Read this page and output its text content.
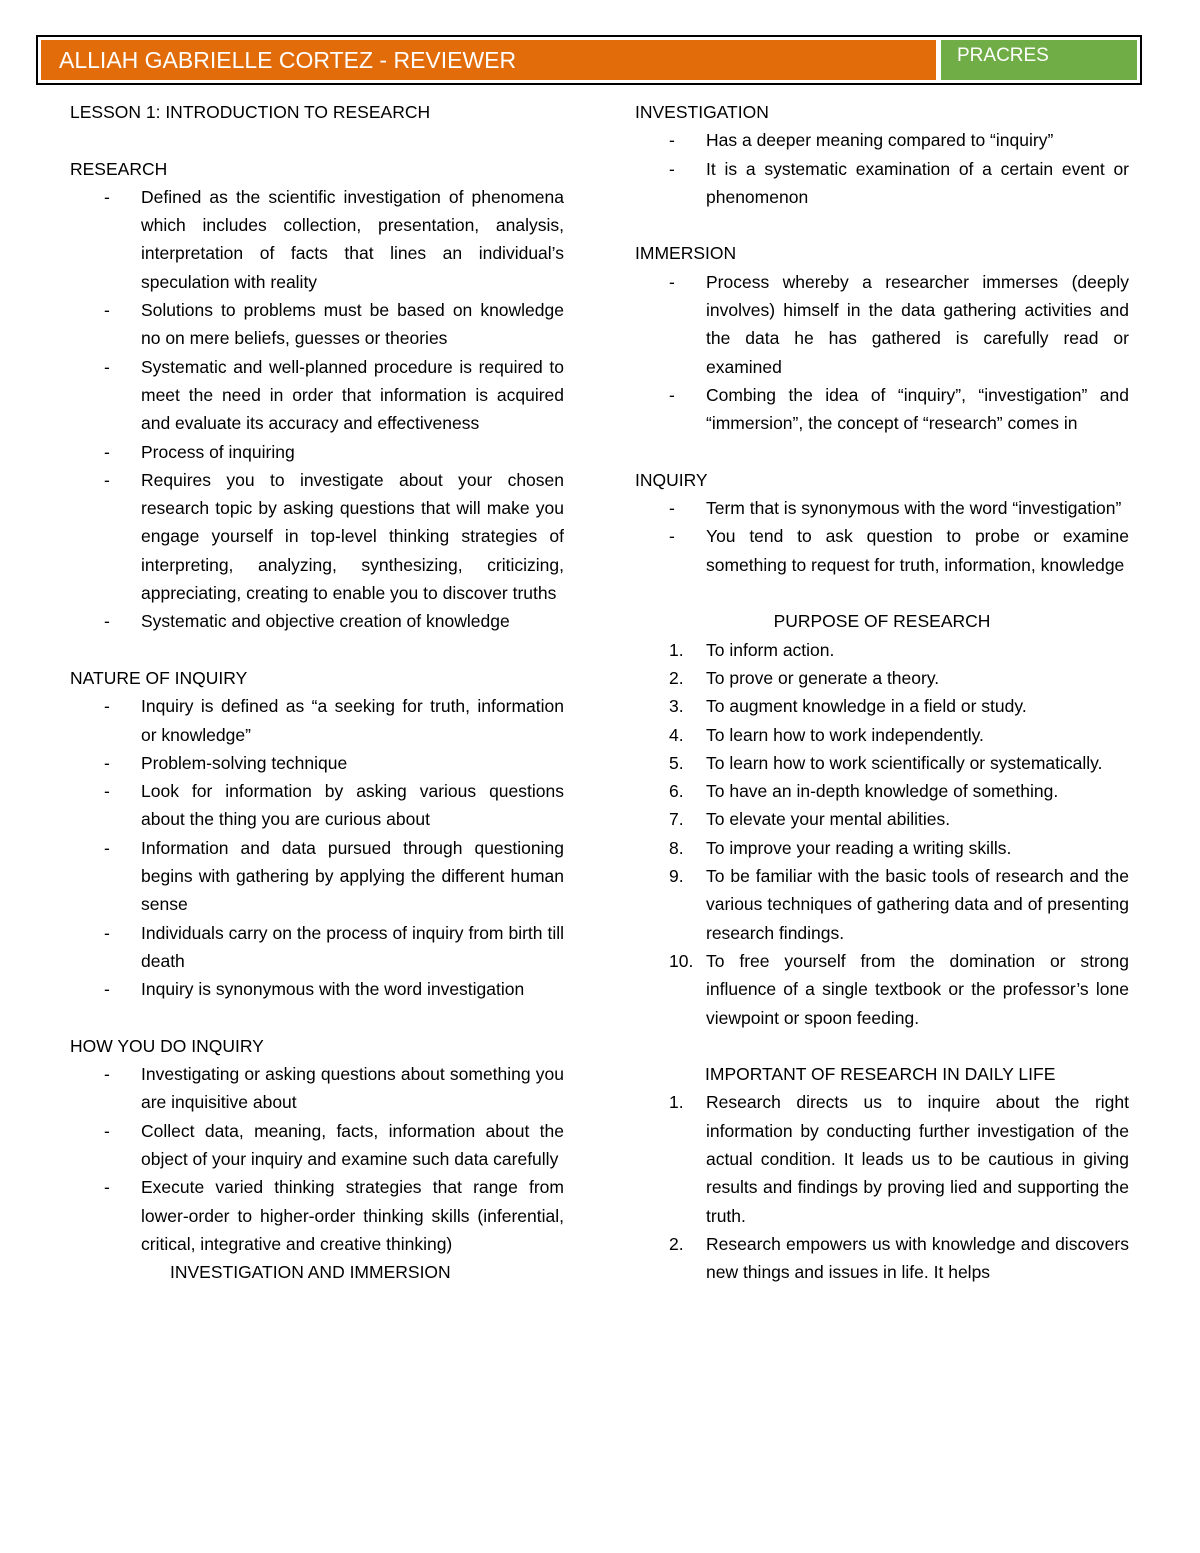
ALLIAH GABRIELLE CORTEZ - REVIEWER	PRACRES

LESSON 1: INTRODUCTION TO RESEARCH

RESEARCH

- Defined as the scientific investigation of phenomena which includes collection, presentation, analysis, interpretation of facts that lines an individual’s speculation with reality
- Solutions to problems must be based on knowledge no on mere beliefs, guesses or theories
- Systematic and well-planned procedure is required to meet the need in order that information is acquired and evaluate its accuracy and effectiveness
- Process of inquiring
- Requires you to investigate about your chosen research topic by asking questions that will make you engage yourself in top-level thinking strategies of interpreting, analyzing, synthesizing, criticizing, appreciating, creating to enable you to discover truths
- Systematic and objective creation of knowledge

NATURE OF INQUIRY

- Inquiry is defined as “a seeking for truth, information or knowledge”
- Problem-solving technique
- Look for information by asking various questions about the thing you are curious about
- Information and data pursued through questioning begins with gathering by applying the different human sense
- Individuals carry on the process of inquiry from birth till death
- Inquiry is synonymous with the word investigation

HOW YOU DO INQUIRY

- Investigating or asking questions about something you are inquisitive about
- Collect data, meaning, facts, information about the object of your inquiry and examine such data carefully
- Execute varied thinking strategies that range from lower-order to higher-order thinking skills (inferential, critical, integrative and creative thinking)

INVESTIGATION AND IMMERSION

INVESTIGATION

- Has a deeper meaning compared to “inquiry”
- It is a systematic examination of a certain event or phenomenon

IMMERSION

- Process whereby a researcher immerses (deeply involves) himself in the data gathering activities and the data he has gathered is carefully read or examined
- Combing the idea of “inquiry”, “investigation” and “immersion”, the concept of “research” comes in

INQUIRY

- Term that is synonymous with the word “investigation”
- You tend to ask question to probe or examine something to request for truth, information, knowledge

PURPOSE OF RESEARCH

1. To inform action.
2. To prove or generate a theory.
3. To augment knowledge in a field or study.
4. To learn how to work independently.
5. To learn how to work scientifically or systematically.
6. To have an in-depth knowledge of something.
7. To elevate your mental abilities.
8. To improve your reading a writing skills.
9. To be familiar with the basic tools of research and the various techniques of gathering data and of presenting research findings.
10. To free yourself from the domination or strong influence of a single textbook or the professor’s lone viewpoint or spoon feeding.

IMPORTANT OF RESEARCH IN DAILY LIFE

1. Research directs us to inquire about the right information by conducting further investigation of the actual condition. It leads us to be cautious in giving results and findings by proving lied and supporting the truth.
2. Research empowers us with knowledge and discovers new things and issues in life. It helps
